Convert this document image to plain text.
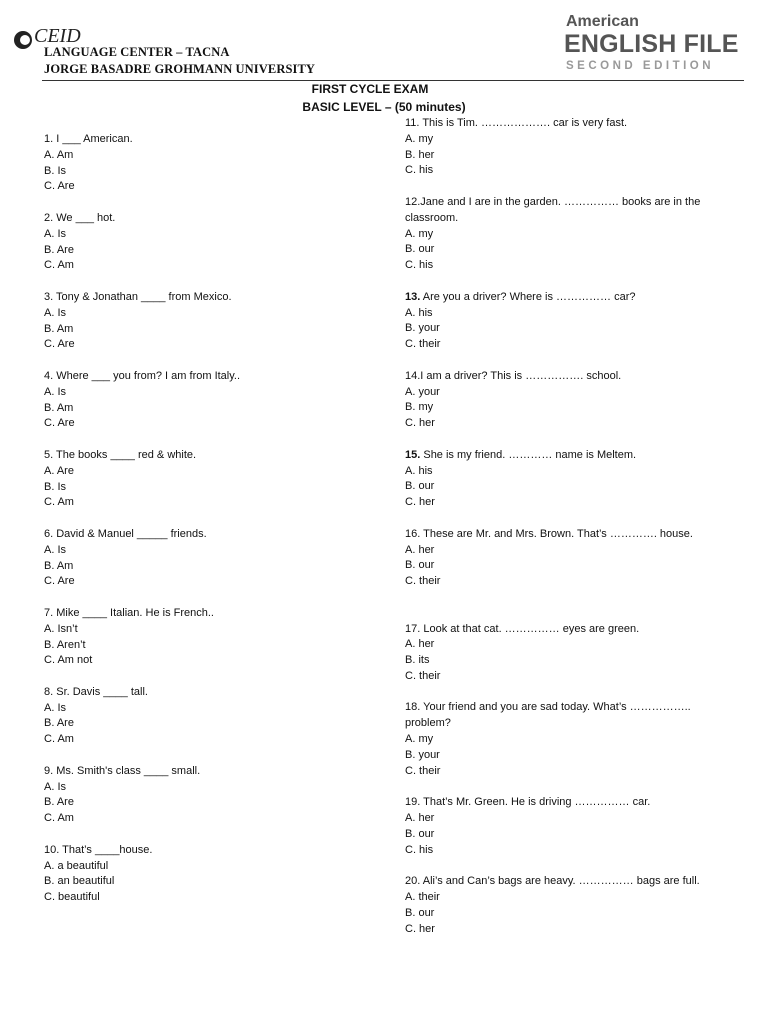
CEID
LANGUAGE CENTER – TACNA
JORGE BASADRE GROHMANN UNIVERSITY
American
ENGLISH FILE
SECOND EDITION
FIRST CYCLE EXAM
BASIC LEVEL – (50 minutes)
1. I ___ American.
A. Am
B. Is
C. Are
2. We ___ hot.
A. Is
B. Are
C. Am
3. Tony & Jonathan ____ from Mexico.
A. Is
B. Am
C. Are
4. Where ___ you from? I am from Italy..
A. Is
B. Am
C. Are
5. The books ____ red & white.
A. Are
B. Is
C. Am
6. David & Manuel _____ friends.
A. Is
B. Am
C. Are
7. Mike ____ Italian. He is French..
A. Isn’t
B. Aren’t
C. Am not
8. Sr. Davis ____ tall.
A. Is
B. Are
C. Am
9. Ms. Smith's class ____ small.
A. Is
B. Are
C. Am
10. That’s ____house.
A. a beautiful
B. an beautiful
C. beautiful
11. This is Tim. ………………. car is very fast.
A. my
B. her
C. his
12.Jane and I are in the garden. …………… books are in the classroom.
A. my
B. our
C. his
13. Are you a driver? Where is …………… car?
A. his
B. your
C. their
14.I am a driver? This is ……………. school.
A. your
B. my
C. her
15. She is my friend. ………… name is Meltem.
A. his
B. our
C. her
16. These are Mr. and Mrs. Brown. That’s …………. house.
A. her
B. our
C. their
17. Look at that cat. …………… eyes are green.
A. her
B. its
C. their
18. Your friend and you are sad today. What’s …………….. problem?
A. my
B. your
C. their
19. That’s Mr. Green. He is driving …………… car.
A. her
B. our
C. his
20. Ali’s and Can’s bags are heavy. …………… bags are full.
A. their
B. our
C. her
